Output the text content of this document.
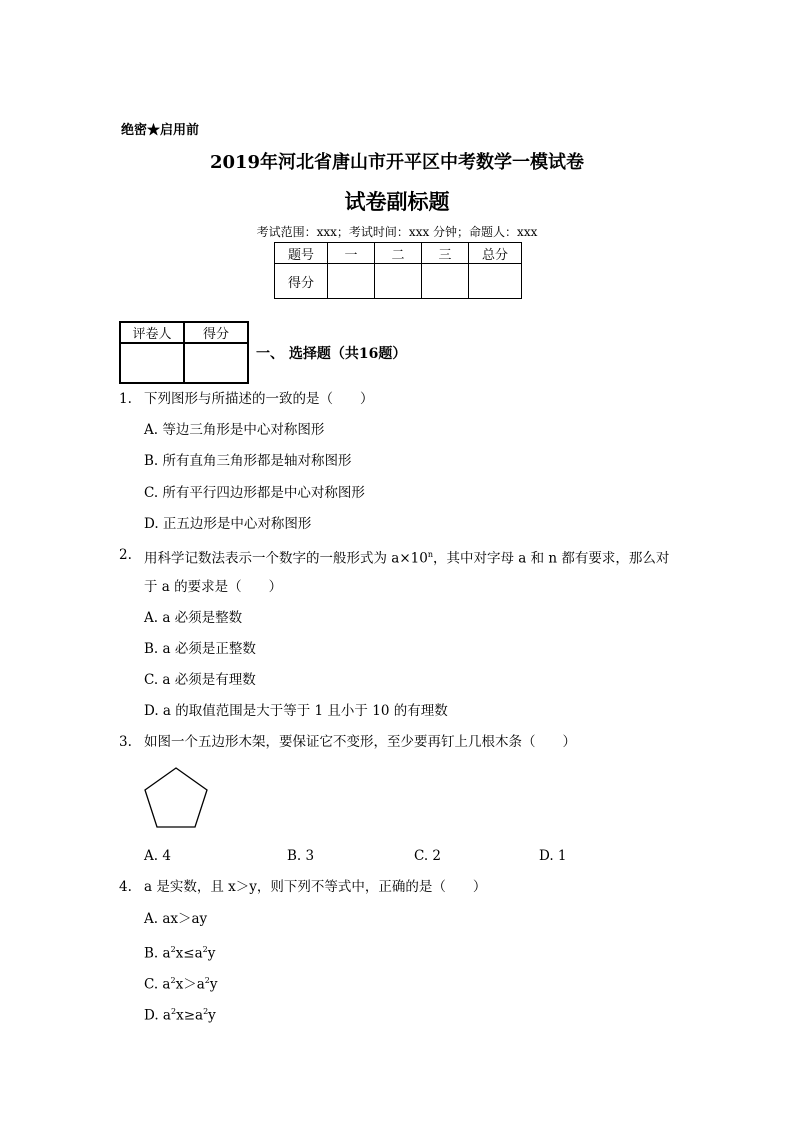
绝密★启用前
2019年河北省唐山市开平区中考数学一模试卷
试卷副标题
考试范围：xxx；考试时间：xxx 分钟；命题人：xxx
题号	一	二	三	总分
得分				
评卷人	得分

一、 选择题（共16题）
1. 下列图形与所描述的一致的是（　　）
A. 等边三角形是中心对称图形
B. 所有直角三角形都是轴对称图形
C. 所有平行四边形都是中心对称图形
D. 正五边形是中心对称图形
2. 用科学记数法表示一个数字的一般形式为 $a\times 10^n$，其中对字母 a 和 n 都有要求，那么对
于 a 的要求是（　　）
A. a 必须是整数
B. a 必须是正整数
C. a 必须是有理数
D. a 的取值范围是大于等于 1 且小于 10 的有理数
3. 如图一个五边形木架，要保证它不变形，至少要再钉上几根木条（　　）
A. 4	B. 3	C. 2	D. 1
4. a 是实数，且 x＞y，则下列不等式中，正确的是（　　）
A. ax＞ay
B. $a^2x\le a^2y$
C. $a^2x>a^2y$
D. $a^2x\ge a^2y$
